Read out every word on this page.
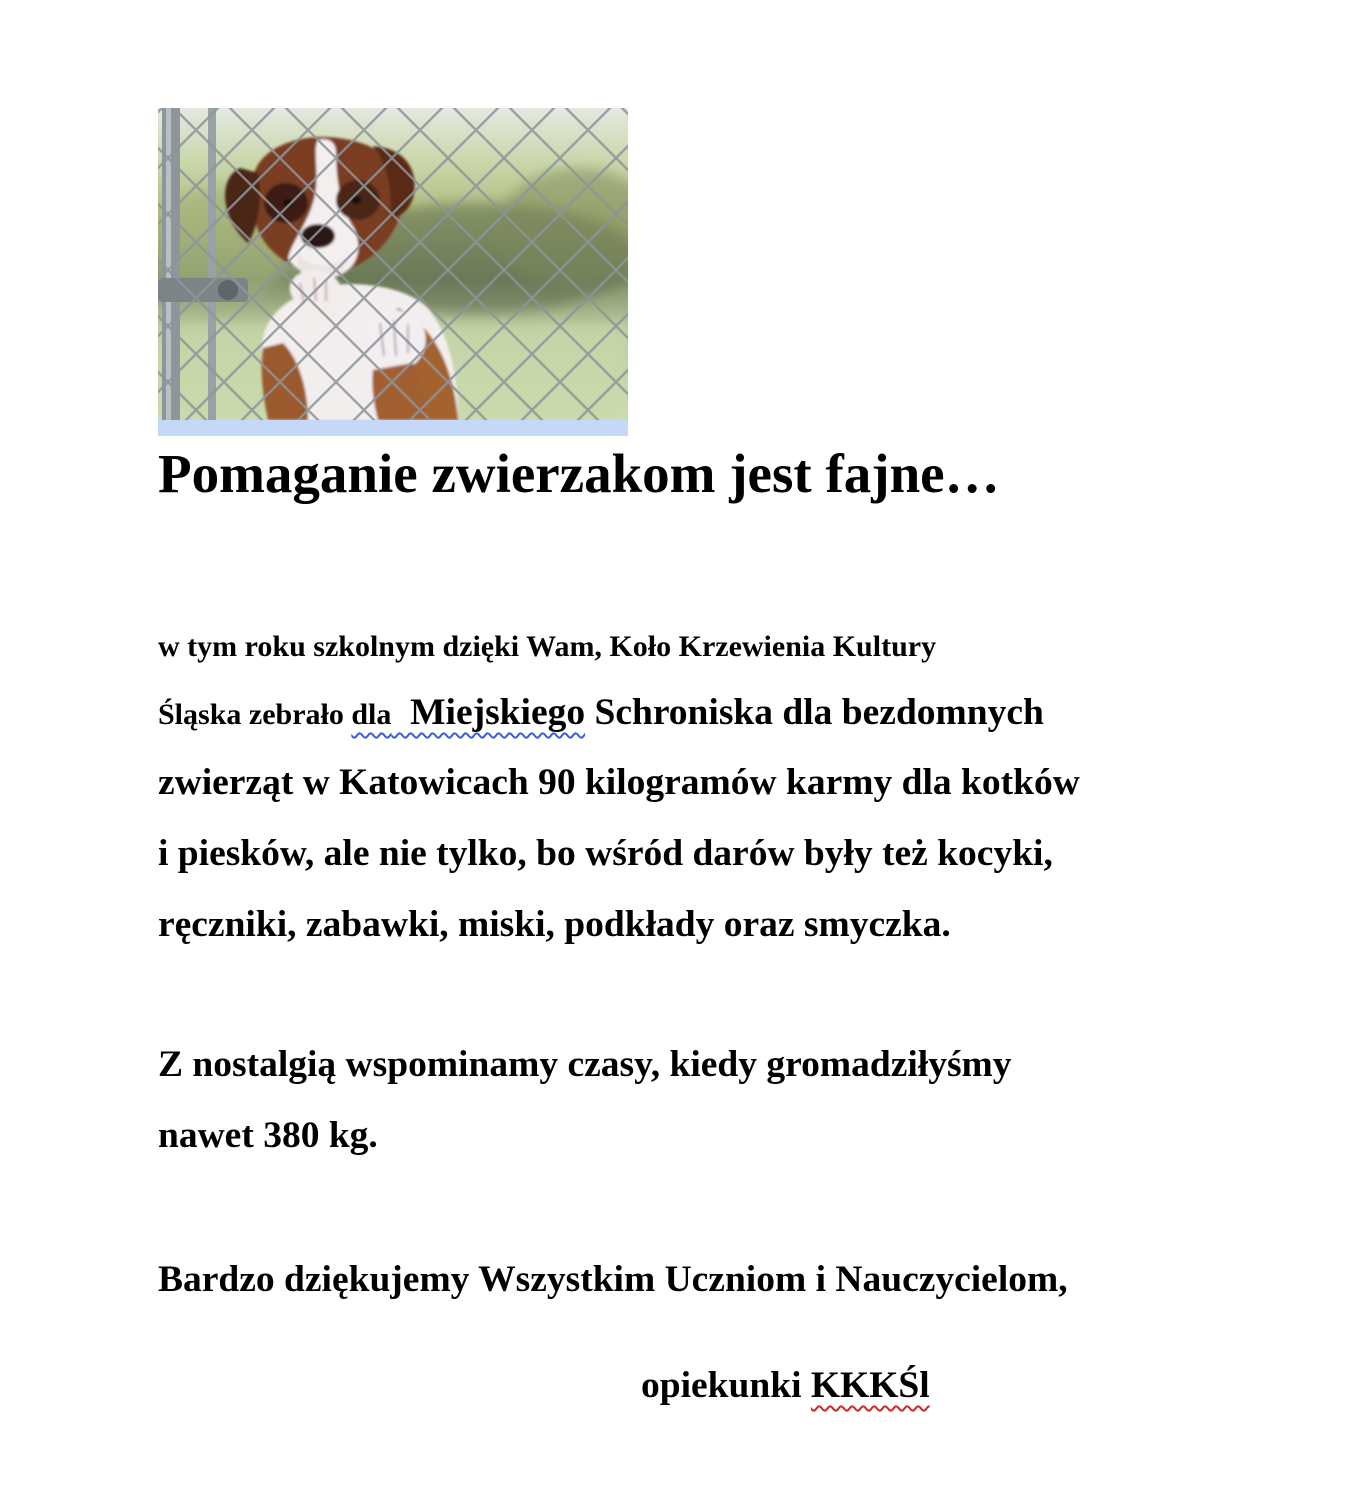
Pomaganie zwierzakom jest fajne…
w tym roku szkolnym dzięki Wam, Koło Krzewienia Kultury
Śląska zebrało dla  Miejskiego Schroniska dla bezdomnych
zwierząt w Katowicach 90 kilogramów karmy dla kotków
i piesków, ale nie tylko, bo wśród darów były też kocyki,
ręczniki, zabawki, miski, podkłady oraz smyczka.
Z nostalgią wspominamy czasy, kiedy gromadziłyśmy
nawet 380 kg.
Bardzo dziękujemy Wszystkim Uczniom i Nauczycielom,
opiekunki KKKŚl
